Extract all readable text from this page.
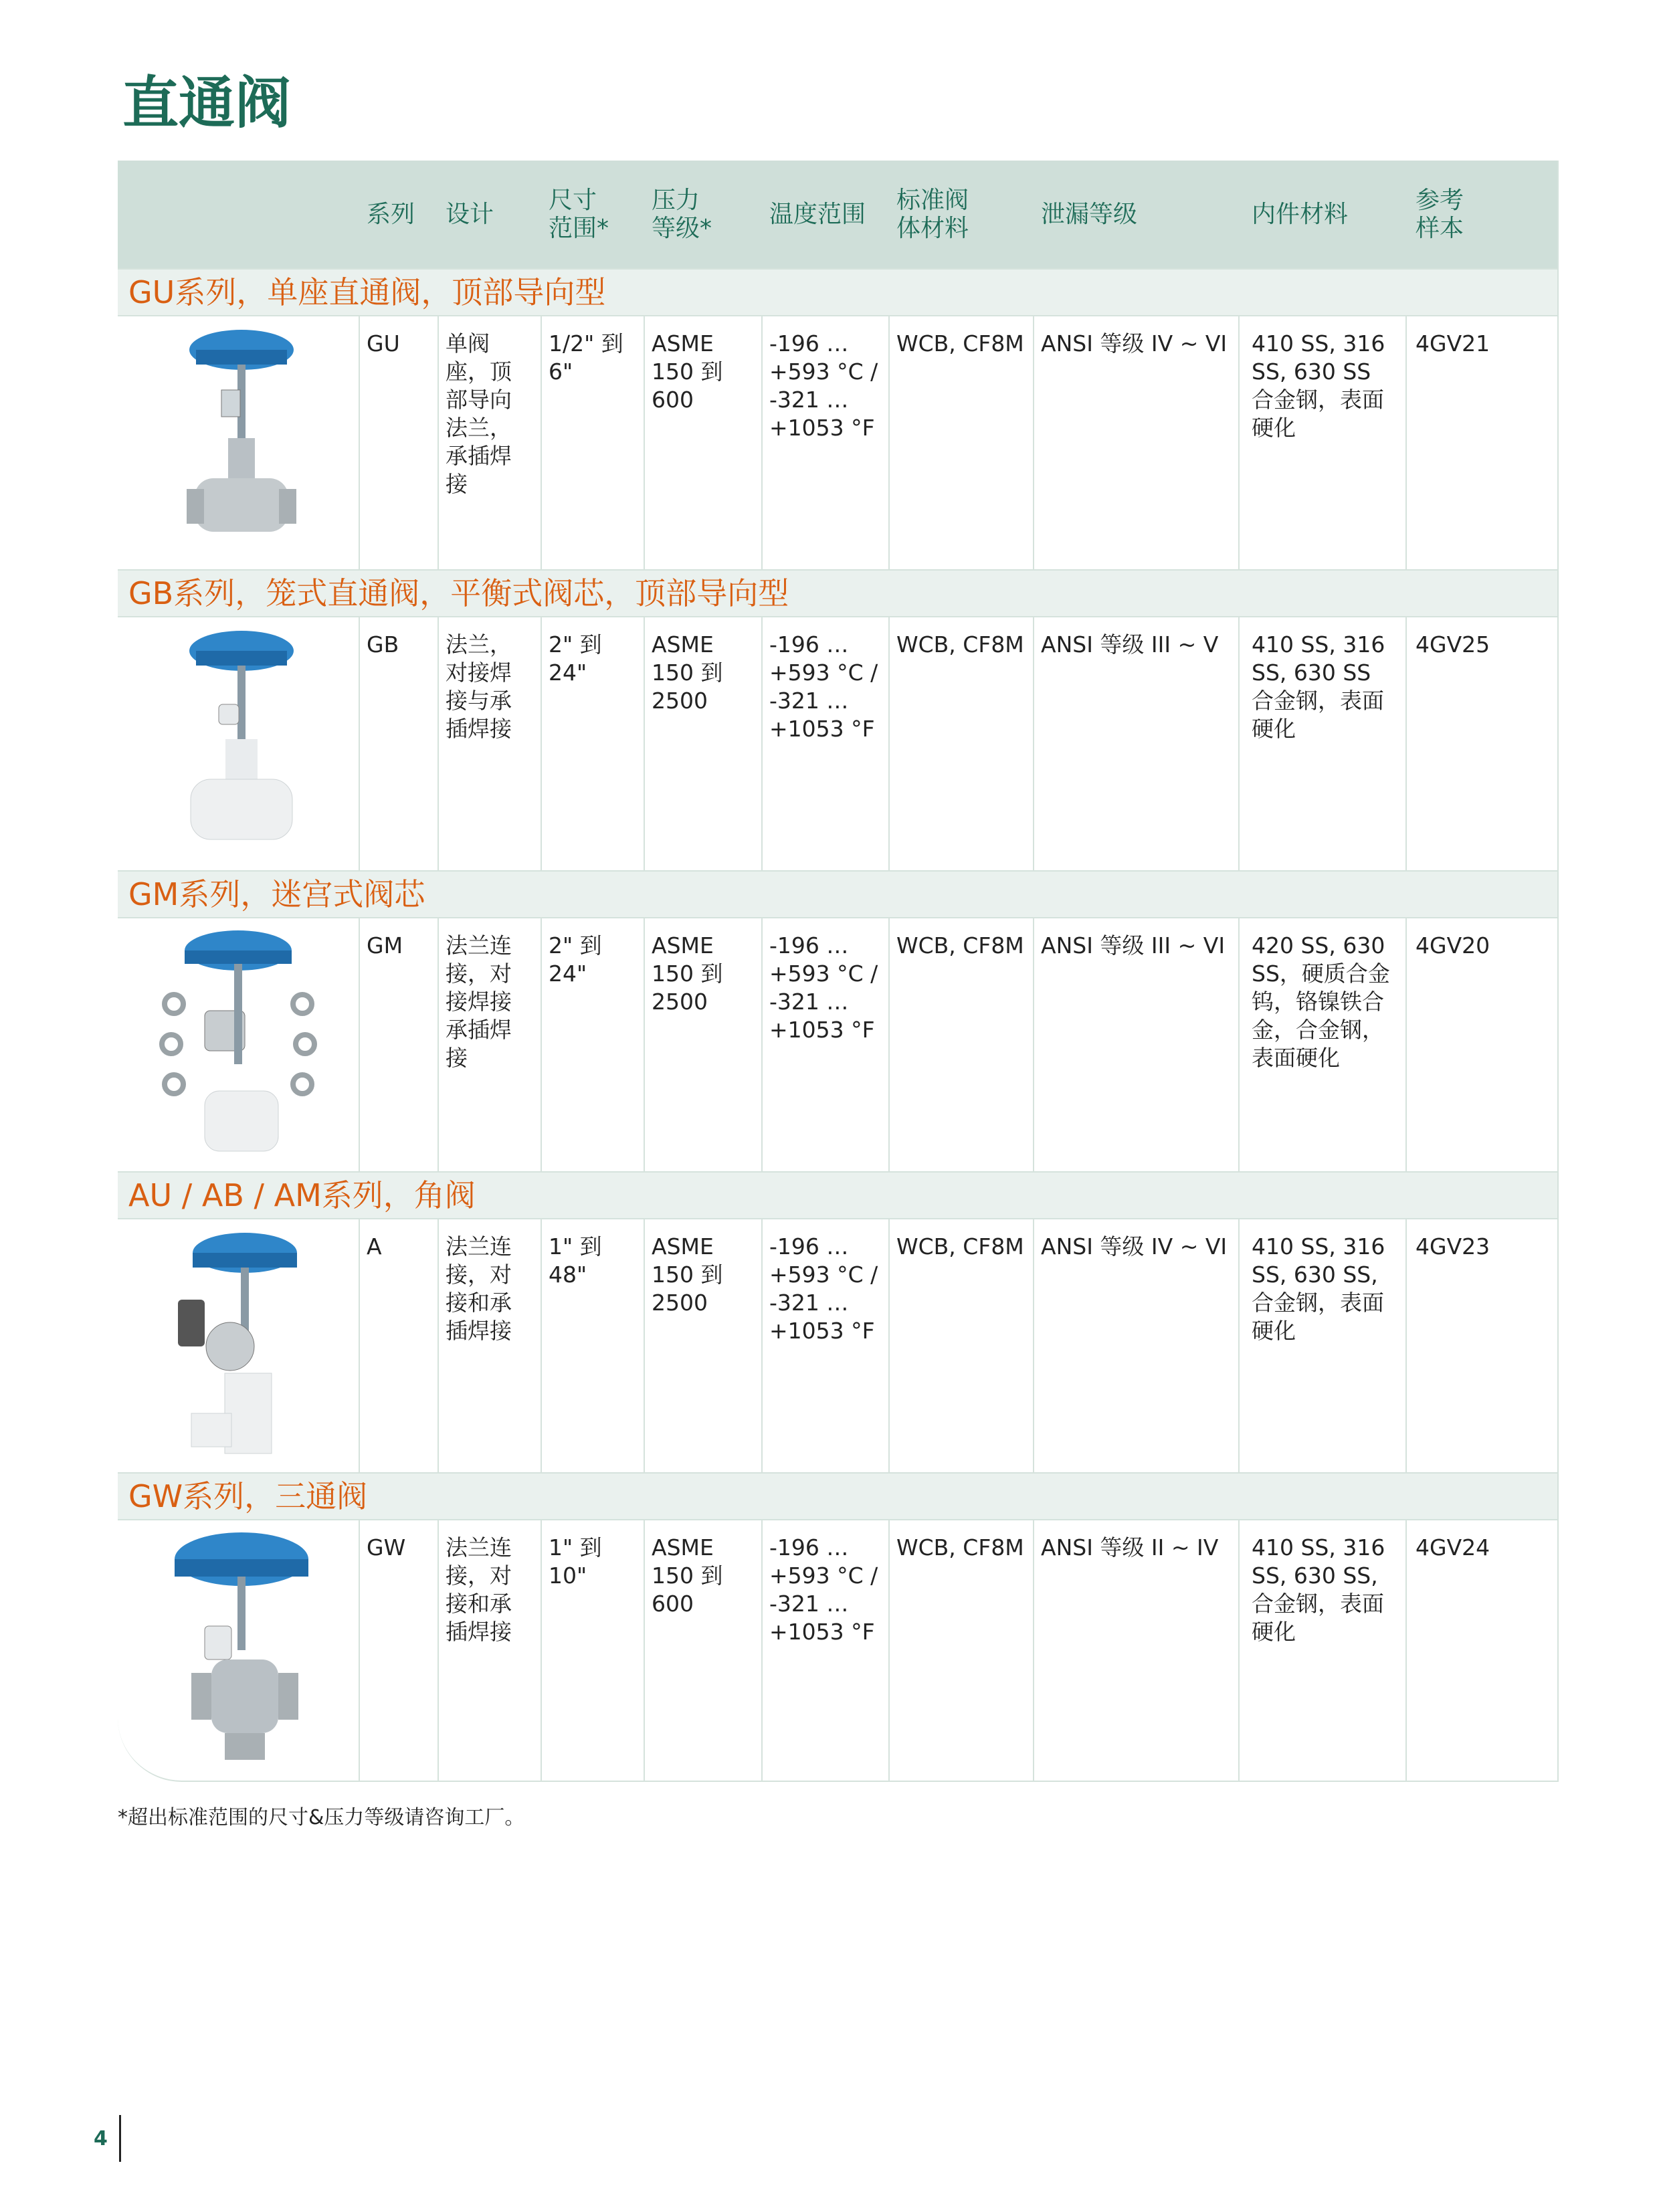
直通阀
系列 设计
尺寸
范围*
压力
等级*
温度范围
标准阀
体材料
泄漏等级	内件材料
参考
样本
GU系列，单座直通阀，顶部导向型
GU 单阀
座，顶
部导向
法兰，
承插焊
接
1/2" 到
6"
ASME
150 到
600
-196 …
+593 °C /
-321 …
+1053 °F
WCB, CF8M ANSI 等级 IV ~ VI 410 SS, 316
SS, 630 SS
合金钢，表面
硬化
4GV21
GB系列，笼式直通阀，平衡式阀芯，顶部导向型
GB 法兰，
对接焊
接与承
插焊接
2" 到
24"
ASME
150 到
2500
-196 …
+593 °C /
-321 …
+1053 °F
WCB, CF8M ANSI 等级 III ~ V 410 SS, 316
SS, 630 SS
合金钢，表面
硬化
4GV25
GM系列，迷宫式阀芯
GM 法兰连
接，对
接焊接
承插焊
接
2" 到
24"
ASME
150 到
2500
-196 …
+593 °C /
-321 …
+1053 °F
WCB, CF8M ANSI 等级 III ~ VI 420 SS, 630
SS，硬质合金
钨，铬镍铁合
金，合金钢，
表面硬化
4GV20
AU / AB / AM系列，角阀
A	法兰连
接，对
接和承
插焊接
1" 到
48"
ASME
150 到
2500
-196 …
+593 °C /
-321 …
+1053 °F
WCB, CF8M ANSI 等级 IV ~ VI 410 SS, 316
SS, 630 SS,
合金钢，表面
硬化
4GV23
GW系列，三通阀
GW 法兰连
接，对
接和承
插焊接
1" 到
10"
ASME
150 到
600
-196 …
+593 °C /
-321 …
+1053 °F
WCB, CF8M ANSI 等级 II ~ IV 410 SS, 316
SS, 630 SS,
合金钢，表面
硬化
4GV24
*超出标准范围的尺寸&压力等级请咨询工厂。
4
